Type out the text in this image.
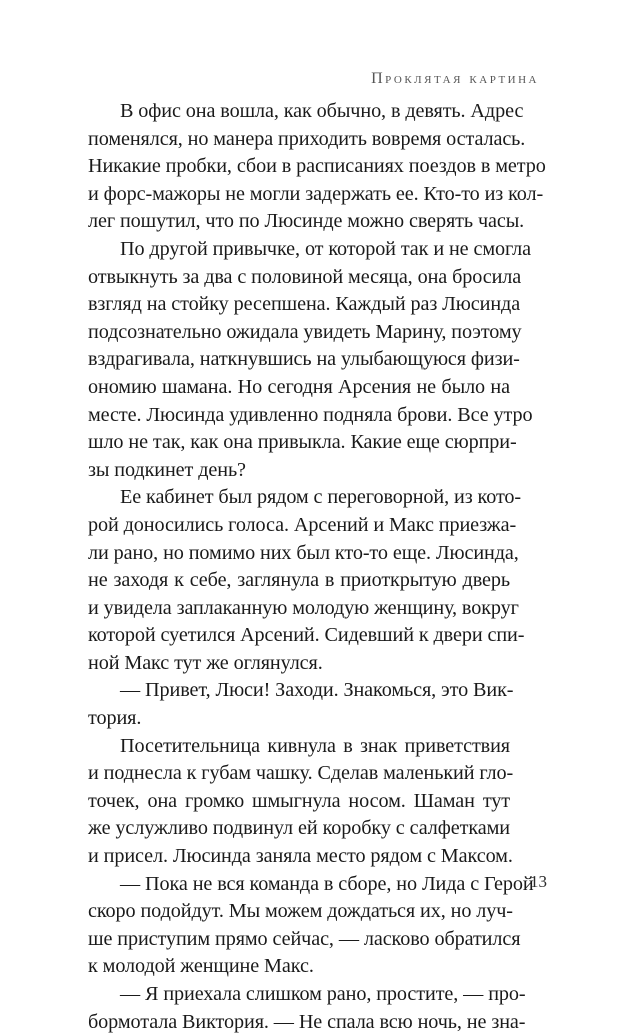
Проклятая картина

В офис она вошла, как обычно, в девять. Адрес
поменялся, но манера приходить вовремя осталась.
Никакие пробки, сбои в расписаниях поездов в метро
и форс-мажоры не могли задержать ее. Кто-то из кол-
лег пошутил, что по Люсинде можно сверять часы.

По другой привычке, от которой так и не смогла
отвыкнуть за два с половиной месяца, она бросила
взгляд на стойку ресепшена. Каждый раз Люсинда
подсознательно ожидала увидеть Марину, поэтому
вздрагивала, наткнувшись на улыбающуюся физи-
ономию шамана. Но сегодня Арсения не было на
месте. Люсинда удивленно подняла брови. Все утро
шло не так, как она привыкла. Какие еще сюрпри-
зы подкинет день?

Ее кабинет был рядом с переговорной, из кото-
рой доносились голоса. Арсений и Макс приезжа-
ли рано, но помимо них был кто-то еще. Люсинда,
не заходя к себе, заглянула в приоткрытую дверь
и увидела заплаканную молодую женщину, вокруг
которой суетился Арсений. Сидевший к двери спи-
ной Макс тут же оглянулся.

— Привет, Люси! Заходи. Знакомься, это Вик-
тория.

Посетительница кивнула в знак приветствия
и поднесла к губам чашку. Сделав маленький гло-
точек, она громко шмыгнула носом. Шаман тут
же услужливо подвинул ей коробку с салфетками
и присел. Люсинда заняла место рядом с Максом.

— Пока не вся команда в сборе, но Лида с Герой
скоро подойдут. Мы можем дождаться их, но луч-
ше приступим прямо сейчас, — ласково обратился
к молодой женщине Макс.

— Я приехала слишком рано, простите, — про-
бормотала Виктория. — Не спала всю ночь, не зна-

13
